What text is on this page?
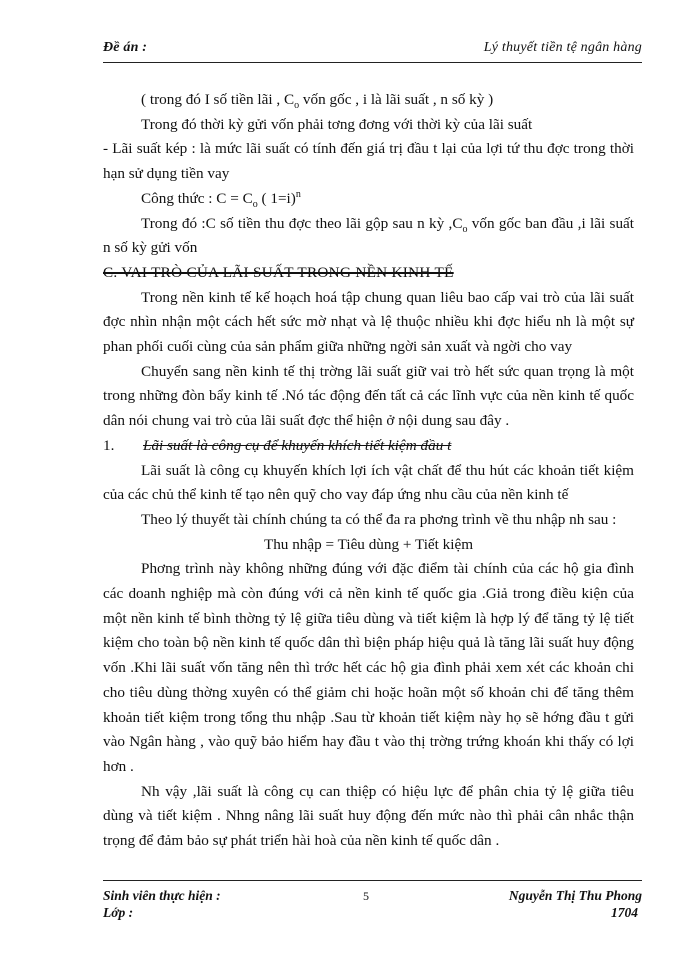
Đề án :	Lý thuyết tiền tệ ngân hàng

( trong đó I số tiền lãi , $C_o$ vốn gốc , i là lãi suất , n số kỳ )

Trong đó thời kỳ gửi vốn phải tơng đơng với thời kỳ của lãi suất

- Lãi suất kép : là mức lãi suất có tính đến giá trị đầu t lại của lợi tứ thu đợc trong thời hạn sử dụng tiền vay

Công thức : $C = C_o$ ( 1=i)$^n$

Trong đó :C số tiền thu đợc theo lãi gộp sau n kỳ $,C_o$ vốn gốc ban đầu ,i lãi suất n số kỳ gửi vốn

C. VAI TRÒ CỦA LÃI SUẤT TRONG NỀN KINH TẾ

Trong nền kinh tế kế hoạch hoá tập chung quan liêu bao cấp vai trò của lãi suất đợc nhìn nhận một cách hết sức mờ nhạt và lệ thuộc nhiều khi đợc hiểu nh là một sự phan phối cuối cùng của sản phẩm giữa những ngời sản xuất và ngời cho vay

Chuyển sang nền kinh tế thị trờng lãi suất giữ vai trò hết sức quan trọng là một trong những đòn bẩy kinh tế .Nó tác động đến tất cả các lĩnh vực của nền kinh tế quốc dân nói chung vai trò của lãi suất đợc thể hiện ở nội dung sau đây .

1.	Lãi suất là công cụ để khuyến khích tiết kiệm đầu t

Lãi suất là công cụ khuyến khích lợi ích vật chất để thu hút các khoản tiết kiệm của các chủ thể kinh tế tạo nên quỹ cho vay đáp ứng nhu cầu của nền kinh tế

Theo lý thuyết tài chính chúng ta có thể đa ra phơng trình về thu nhập nh sau :

Thu nhập = Tiêu dùng + Tiết kiệm

Phơng trình này không những đúng với đặc điểm tài chính của các hộ gia đình các doanh nghiệp mà còn đúng với cả nền kinh tế quốc gia .Giả trong điều kiện của một nền kinh tế bình thờng tỷ lệ giữa tiêu dùng và tiết kiệm là hợp lý để tăng tỷ lệ tiết kiệm cho toàn bộ nền kinh tế quốc dân thì biện pháp hiệu quả là tăng lãi suất huy động vốn .Khi lãi suất vốn tăng nên thì trớc hết các hộ gia đình phải xem xét các khoản chi cho tiêu dùng thờng xuyên có thể giảm chi hoặc hoãn một số khoản chi để tăng thêm khoản tiết kiệm trong tổng thu nhập .Sau từ khoản tiết kiệm này họ sẽ hớng đầu t gửi vào Ngân hàng , vào quỹ bảo hiểm hay đầu t vào thị trờng trứng khoán khi thấy có lợi hơn .

Nh vậy ,lãi suất là công cụ can thiệp có hiệu lực để phân chia tỷ lệ giữa tiêu dùng và tiết kiệm . Nhng nâng lãi suất huy động đến mức nào thì phải cân nhắc thận trọng để đảm bảo sự phát triển hài hoà của nền kinh tế quốc dân .

Sinh viên thực hiện :
Lớp :
5	Nguyễn Thị Thu Phong
1704
